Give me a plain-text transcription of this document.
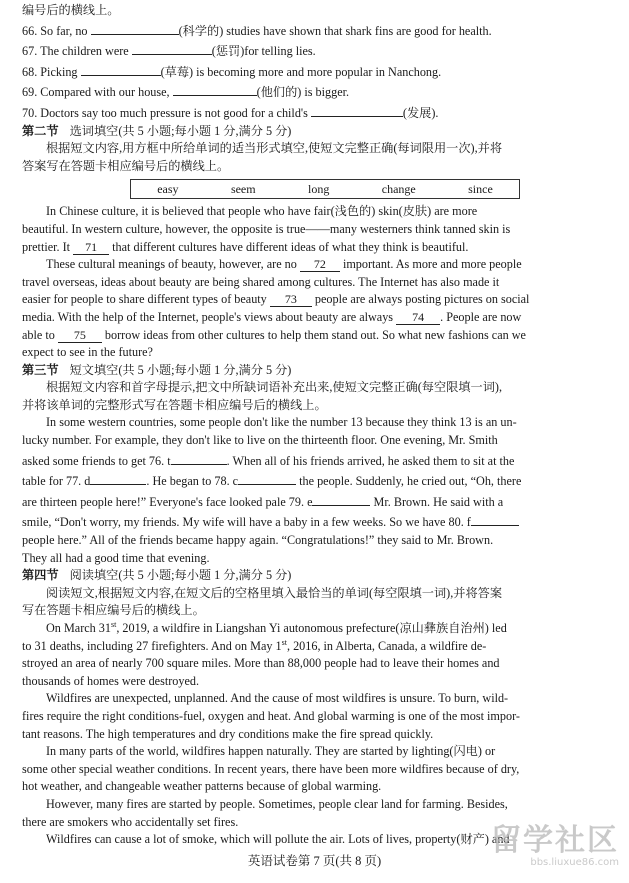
编号后的横线上。
66. So far, no	(科学的) studies have shown that shark fins are good for health.
67. The children were	(惩罚)for telling lies.
68. Picking	(草莓) is becoming more and more popular in Nanchong.
69. Compared with our house,	(他们的) is bigger.
70. Doctors say too much pressure is not good for a child's	(发展).
第二节 选词填空(共 5 小题;每小题 1 分,满分 5 分)
根据短文内容,用方框中所给单词的适当形式填空,使短文完整正确(每词限用一次),并将
答案写在答题卡相应编号后的横线上。
easy	seem	long	change	since
In Chinese culture, it is believed that people who have fair(浅色的) skin(皮肤) are more
beautiful. In western culture, however, the opposite is true——many westerners think tanned skin is
prettier. It 71 that different cultures have different ideas of what they think is beautiful.
These cultural meanings of beauty, however, are no 72 important. As more and more people
travel overseas, ideas about beauty are being shared among cultures. The Internet has also made it
easier for people to share different types of beauty 73 people are always posting pictures on social
media. With the help of the Internet, people's views about beauty are always 74 . People are now
able to 75 borrow ideas from other cultures to help them stand out. So what new fashions can we
expect to see in the future?
第三节 短文填空(共 5 小题;每小题 1 分,满分 5 分)
根据短文内容和首字母提示,把文中所缺词语补充出来,使短文完整正确(每空限填一词),
并将该单词的完整形式写在答题卡相应编号后的横线上。
In some western countries, some people don't like the number 13 because they think 13 is an un-
lucky number. For example, they don't like to live on the thirteenth floor. One evening, Mr. Smith
asked some friends to get 76. t	. When all of his friends arrived, he asked them to sit at the
table for 77. d	. He began to 78. c	the people. Suddenly, he cried out, “Oh, there
are thirteen people here!” Everyone's face looked pale 79. e	Mr. Brown. He said with a
smile, “Don't worry, my friends. My wife will have a baby in a few weeks. So we have 80. f
people here.” All of the friends became happy again. “Congratulations!” they said to Mr. Brown.
They all had a good time that evening.
第四节 阅读填空(共 5 小题;每小题 1 分,满分 5 分)
阅读短文,根据短文内容,在短文后的空格里填入最恰当的单词(每空限填一词),并将答案
写在答题卡相应编号后的横线上。
On March 31st, 2019, a wildfire in Liangshan Yi autonomous prefecture(凉山彝族自治州) led
to 31 deaths, including 27 firefighters. And on May 1st, 2016, in Alberta, Canada, a wildfire de-
stroyed an area of nearly 700 square miles. More than 88,000 people had to leave their homes and
thousands of homes were destroyed.
Wildfires are unexpected, unplanned. And the cause of most wildfires is unsure. To burn, wild-
fires require the right conditions-fuel, oxygen and heat. And global warming is one of the most impor-
tant reasons. The high temperatures and dry conditions make the fire spread quickly.
In many parts of the world, wildfires happen naturally. They are started by lighting(闪电) or
some other special weather conditions. In recent years, there have been more wildfires because of dry,
hot weather, and changeable weather patterns because of global warming.
However, many fires are started by people. Sometimes, people clear land for farming. Besides,
there are smokers who accidentally set fires.
Wildfires can cause a lot of smoke, which will pollute the air. Lots of lives, property(财产) and
英语试卷第 7 页(共 8 页)
留学社区
bbs.liuxue86.com
